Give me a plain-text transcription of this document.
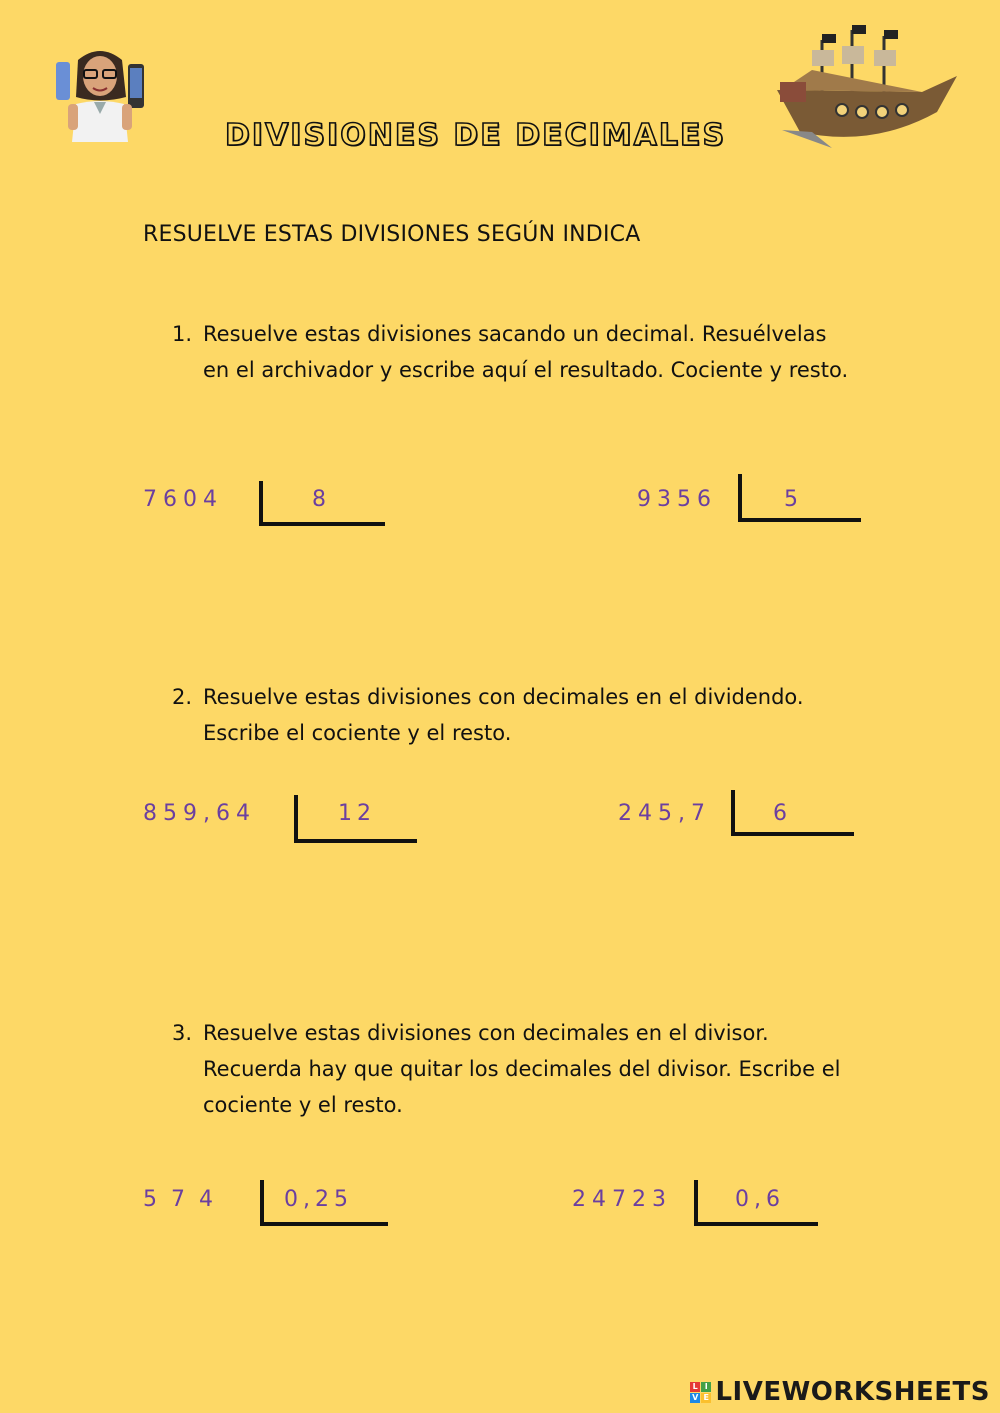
DIVISIONES DE DECIMALES
RESUELVE ESTAS DIVISIONES SEGÚN INDICA
1. Resuelve estas divisiones sacando un decimal. Resuélvelas en el archivador y escribe aquí el resultado. Cociente y resto.
7604	8	9356	5
2. Resuelve estas divisiones con decimales en el dividendo. Escribe el cociente y el resto.
859,64	12	245,7	6
3. Resuelve estas divisiones con decimales en el divisor. Recuerda hay que quitar los decimales del divisor. Escribe el cociente y el resto.
574	0,25	24723	0,6
L I
V E LIVEWORKSHEETS
